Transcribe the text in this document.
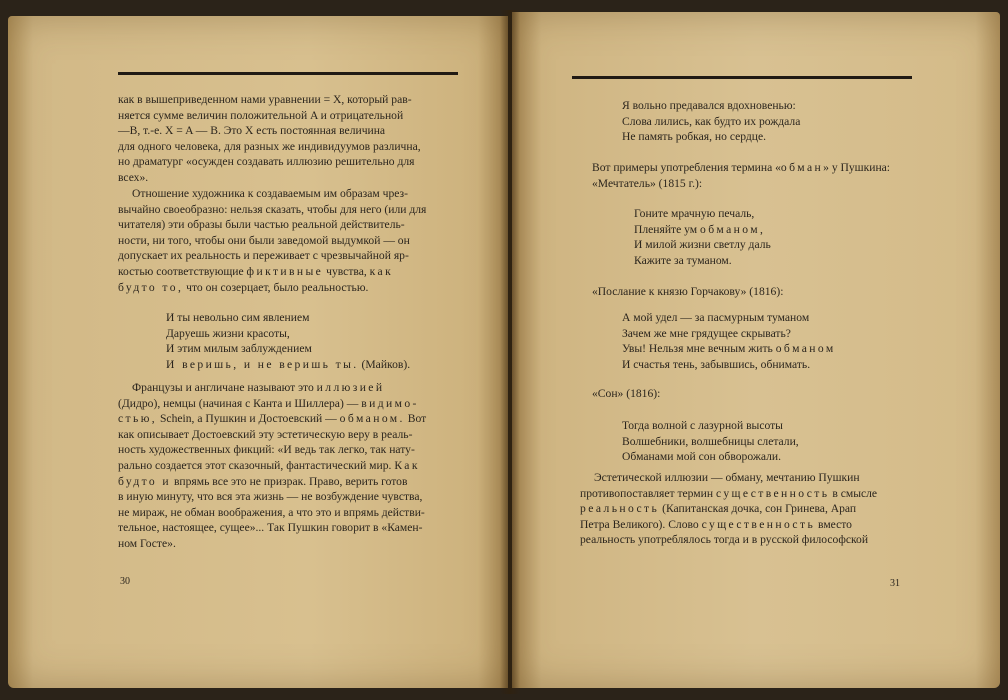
как в вышеприведенном нами уравнении = X, который рав-
няется сумме величин положительной A и отрицательной
—B, т.-е. X = A — B. Это X есть постоянная величина
для одного человека, для разных же индивидуумов различна,
но драматург «осужден создавать иллюзию решительно для
всех».
Отношение художника к создаваемым им образам чрез-
вычайно своеобразно: нельзя сказать, чтобы для него (или для
читателя) эти образы были частью реальной действитель-
ности, ни того, чтобы они были заведомой выдумкой — он
допускает их реальность и переживает с чрезвычайной яр-
костью соответствующие фиктивные чувства, как
будто то, что он созерцает, было реальностью.
И ты невольно сим явлением
Даруешь жизни красоты,
И этим милым заблуждением
И веришь, и не веришь ты. (Майков).
Французы и англичане называют это иллюзией
(Дидро), немцы (начиная с Канта и Шиллера) — видимо-
стью, Schein, а Пушкин и Достоевский — обманом. Вот
как описывает Достоевский эту эстетическую веру в реаль-
ность художественных фикций: «И ведь так легко, так нату-
рально создается этот сказочный, фантастический мир. Как
будто и впрямь все это не призрак. Право, верить готов
в иную минуту, что вся эта жизнь — не возбуждение чувства,
не мираж, не обман воображения, а что это и впрямь действи-
тельное, настоящее, сущее»... Так Пушкин говорит в «Камен-
ном Госте».
30
Я вольно предавался вдохновенью:
Слова лились, как будто их рождала
Не память робкая, но сердце.
Вот примеры употребления термина «обман» у Пушкина:
«Мечтатель» (1815 г.):
Гоните мрачную печаль,
Пленяйте ум обманом,
И милой жизни светлу даль
Кажите за туманом.
«Послание к князю Горчакову» (1816):
А мой удел — за пасмурным туманом
Зачем же мне грядущее скрывать?
Увы! Нельзя мне вечным жить обманом
И счастья тень, забывшись, обнимать.
«Сон» (1816):
Тогда волной с лазурной высоты
Волшебники, волшебницы слетали,
Обманами мой сон обворожали.
Эстетической иллюзии — обману, мечтанию Пушкин
противопоставляет термин существенность в смысле
реальность (Капитанская дочка, сон Гринева, Арап
Петра Великого). Слово существенность вместо
реальность употреблялось тогда и в русской философской
31
